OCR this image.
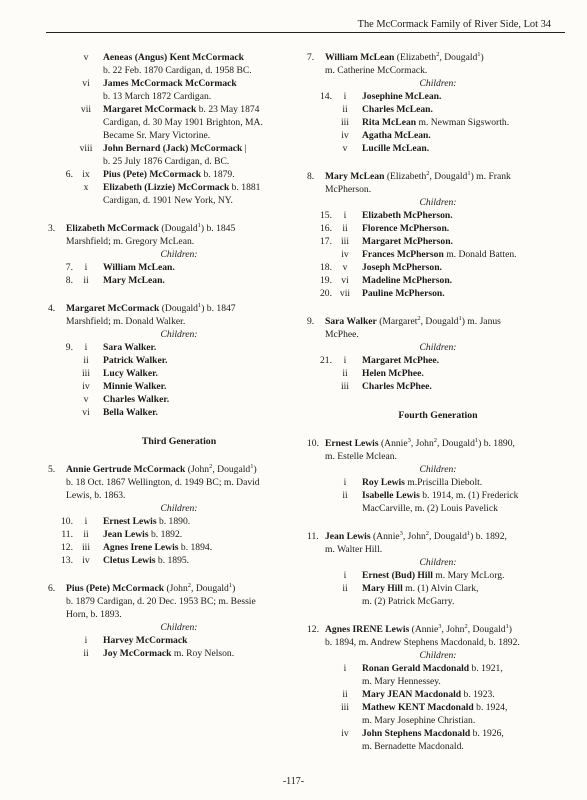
The McCormack Family of River Side, Lot 34
v	Aeneas (Angus) Kent McCormack
b. 22 Feb. 1870 Cardigan, d. 1958 BC.
vi	James McCormack McCormack
b. 13 March 1872 Cardigan.
vii	Margaret McCormack b. 23 May 1874
Cardigan, d. 30 May 1901 Brighton, MA.
Became Sr. Mary Victorine.
viii	John Bernard (Jack) McCormack |
b. 25 July 1876 Cardigan, d. BC.
6. ix	Pius (Pete) McCormack b. 1879.
x	Elizabeth (Lizzie) McCormack b. 1881
Cardigan, d. 1901 New York, NY.
3. Elizabeth McCormack (Dougald$^1$) b. 1845
Marshfield; m. Gregory McLean.
Children:
7.	i	William McLean.
8.	ii	Mary McLean.
4. Margaret McCormack (Dougald$^1$) b. 1847
Marshfield; m. Donald Walker.
Children:
9.	i	Sara Walker.
ii	Patrick Walker.
iii	Lucy Walker.
iv	Minnie Walker.
v	Charles Walker.
vi	Bella Walker.
Third Generation
5. Annie Gertrude McCormack (John$^2$, Dougald$^1$)
b. 18 Oct. 1867 Wellington, d. 1949 BC; m. David
Lewis, b. 1863.
Children:
10.	i	Ernest Lewis b. 1890.
11.	ii	Jean Lewis b. 1892.
12. iii	Agnes Irene Lewis b. 1894.
13. iv	Cletus Lewis b. 1895.
6. Pius (Pete) McCormack (John$^2$, Dougald$^1$)
b. 1879 Cardigan, d. 20 Dec. 1953 BC; m. Bessie
Horn, b. 1893.
Children:
i	Harvey McCormack
ii	Joy McCormack m. Roy Nelson.
7. William McLean (Elizabeth$^2$, Dougald$^1$)
m. Catherine McCormack.
Children:
14.	i	Josephine McLean.
ii	Charles McLean.
iii	Rita McLean m. Newman Sigsworth.
iv	Agatha McLean.
v	Lucille McLean.
8. Mary McLean (Elizabeth$^2$, Dougald$^1$) m. Frank
McPherson.
Children:
15.	i	Elizabeth McPherson.
16.	ii	Florence McPherson.
17. iii	Margaret McPherson.
iv	Frances McPherson m. Donald Batten.
18.	v	Joseph McPherson.
19. vi	Madeline McPherson.
20. vii	Pauline McPherson.
9. Sara Walker (Margaret$^2$, Dougald$^1$) m. Janus
McPhee.
Children:
21.	i	Margaret McPhee.
ii	Helen McPhee.
iii	Charles McPhee.
Fourth Generation
10. Ernest Lewis (Annie$^3$, John$^2$, Dougald$^1$) b. 1890,
m. Estelle Mclean.
Children:
i	Roy Lewis m.Priscilla Diebolt.
ii	Isabelle Lewis b. 1914, m. (1) Frederick
MacCarville, m. (2) Louis Pavelick
11. Jean Lewis (Annie$^3$, John$^2$, Dougald$^1$) b. 1892,
m. Walter Hill.
Children:
i	Ernest (Bud) Hill m. Mary McLorg.
ii	Mary Hill m. (1) Alvin Clark,
m. (2) Patrick McGarry.
12. Agnes IRENE Lewis (Annie$^3$, John$^2$, Dougald$^1$)
b. 1894, m. Andrew Stephens Macdonald, b. 1892.
Children:
i	Ronan Gerald Macdonald b. 1921,
m. Mary Hennessey.
ii	Mary JEAN Macdonald b. 1923.
iii	Mathew KENT Macdonald b. 1924,
m. Mary Josephine Christian.
iv	John Stephens Macdonald b. 1926,
m. Bernadette Macdonald.
-117-
